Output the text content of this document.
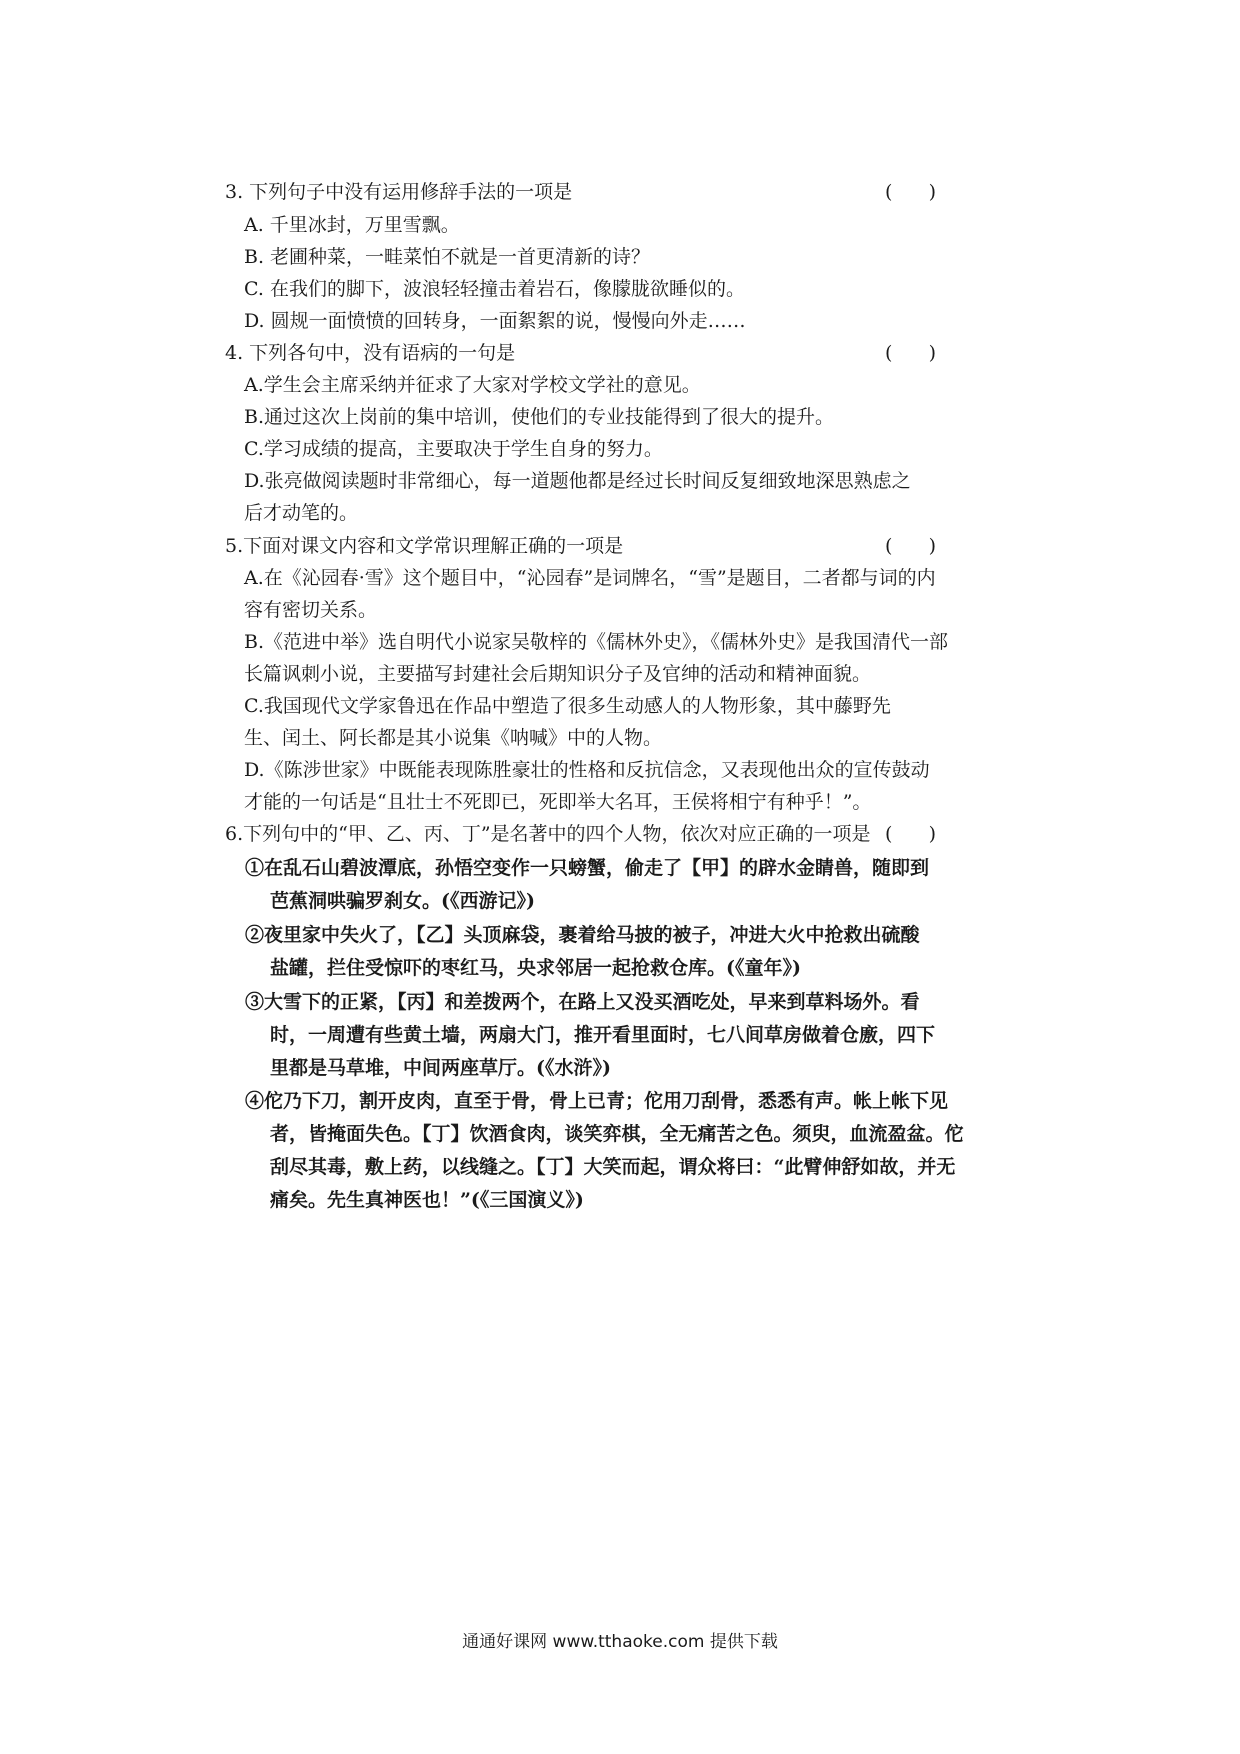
3. 下列句子中没有运用修辞手法的一项是	(      )
A. 千里冰封，万里雪飘。
B. 老圃种菜，一畦菜怕不就是一首更清新的诗？
C. 在我们的脚下，波浪轻轻撞击着岩石，像朦胧欲睡似的。
D. 圆规一面愤愤的回转身，一面絮絮的说，慢慢向外走……
4. 下列各句中，没有语病的一句是	(      )
A.学生会主席采纳并征求了大家对学校文学社的意见。
B.通过这次上岗前的集中培训，使他们的专业技能得到了很大的提升。
C.学习成绩的提高，主要取决于学生自身的努力。
D.张亮做阅读题时非常细心，每一道题他都是经过长时间反复细致地深思熟虑之
后才动笔的。
5.下面对课文内容和文学常识理解正确的一项是	(      )
A.在《沁园春·雪》这个题目中，“沁园春”是词牌名，“雪”是题目，二者都与词的内
容有密切关系。
B.《范进中举》选自明代小说家吴敬梓的《儒林外史》，《儒林外史》是我国清代一部
长篇讽刺小说，主要描写封建社会后期知识分子及官绅的活动和精神面貌。
C.我国现代文学家鲁迅在作品中塑造了很多生动感人的人物形象，其中藤野先
生、闰土、阿长都是其小说集《呐喊》中的人物。
D.《陈涉世家》中既能表现陈胜豪壮的性格和反抗信念，又表现他出众的宣传鼓动
才能的一句话是“且壮士不死即已，死即举大名耳，王侯将相宁有种乎！”。
6.下列句中的“甲、乙、丙、丁”是名著中的四个人物，依次对应正确的一项是 (      )
①在乱石山碧波潭底，孙悟空变作一只螃蟹，偷走了【甲】的辟水金睛兽，随即到
芭蕉洞哄骗罗刹女。(《西游记》)
②夜里家中失火了，【乙】头顶麻袋，裹着给马披的被子，冲进大火中抢救出硫酸
盐罐，拦住受惊吓的枣红马，央求邻居一起抢救仓库。(《童年》)
③大雪下的正紧，【丙】和差拨两个，在路上又没买酒吃处，早来到草料场外。看
时，一周遭有些黄土墙，两扇大门，推开看里面时，七八间草房做着仓廒，四下
里都是马草堆，中间两座草厅。(《水浒》)
④佗乃下刀，割开皮肉，直至于骨，骨上已青；佗用刀刮骨，悉悉有声。帐上帐下见
者，皆掩面失色。【丁】饮酒食肉，谈笑弈棋，全无痛苦之色。须臾，血流盈盆。佗
刮尽其毒，敷上药，以线缝之。【丁】大笑而起，谓众将曰：“此臂伸舒如故，并无
痛矣。先生真神医也！”(《三国演义》)
通通好课网 www.tthaoke.com 提供下载
